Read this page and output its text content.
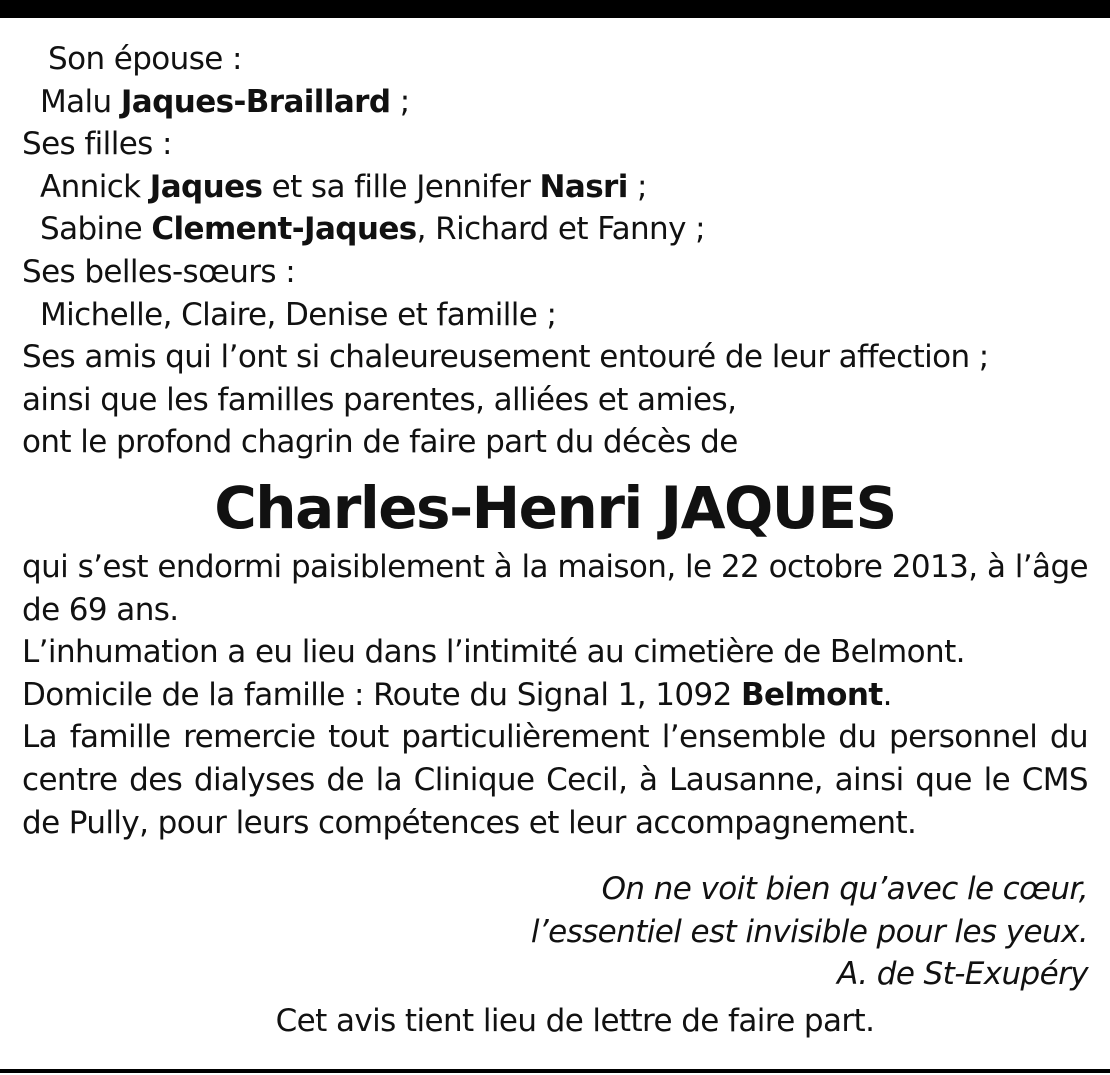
Son épouse :
Malu Jaques-Braillard ;
Ses filles :
Annick Jaques et sa fille Jennifer Nasri ;
Sabine Clement-Jaques, Richard et Fanny ;
Ses belles-sœurs :
Michelle, Claire, Denise et famille ;
Ses amis qui l’ont si chaleureusement entouré de leur affection ;
ainsi que les familles parentes, alliées et amies,
ont le profond chagrin de faire part du décès de
Charles-Henri JAQUES
qui s’est endormi paisiblement à la maison, le 22 octobre 2013, à l’âge de 69 ans.
L’inhumation a eu lieu dans l’intimité au cimetière de Belmont.
Domicile de la famille : Route du Signal 1, 1092 Belmont.
La famille remercie tout particulièrement l’ensemble du personnel du centre des dialyses de la Clinique Cecil, à Lausanne, ainsi que le CMS de Pully, pour leurs compétences et leur accompagnement.
On ne voit bien qu’avec le cœur,
l’essentiel est invisible pour les yeux.
A. de St-Exupéry
Cet avis tient lieu de lettre de faire part.
